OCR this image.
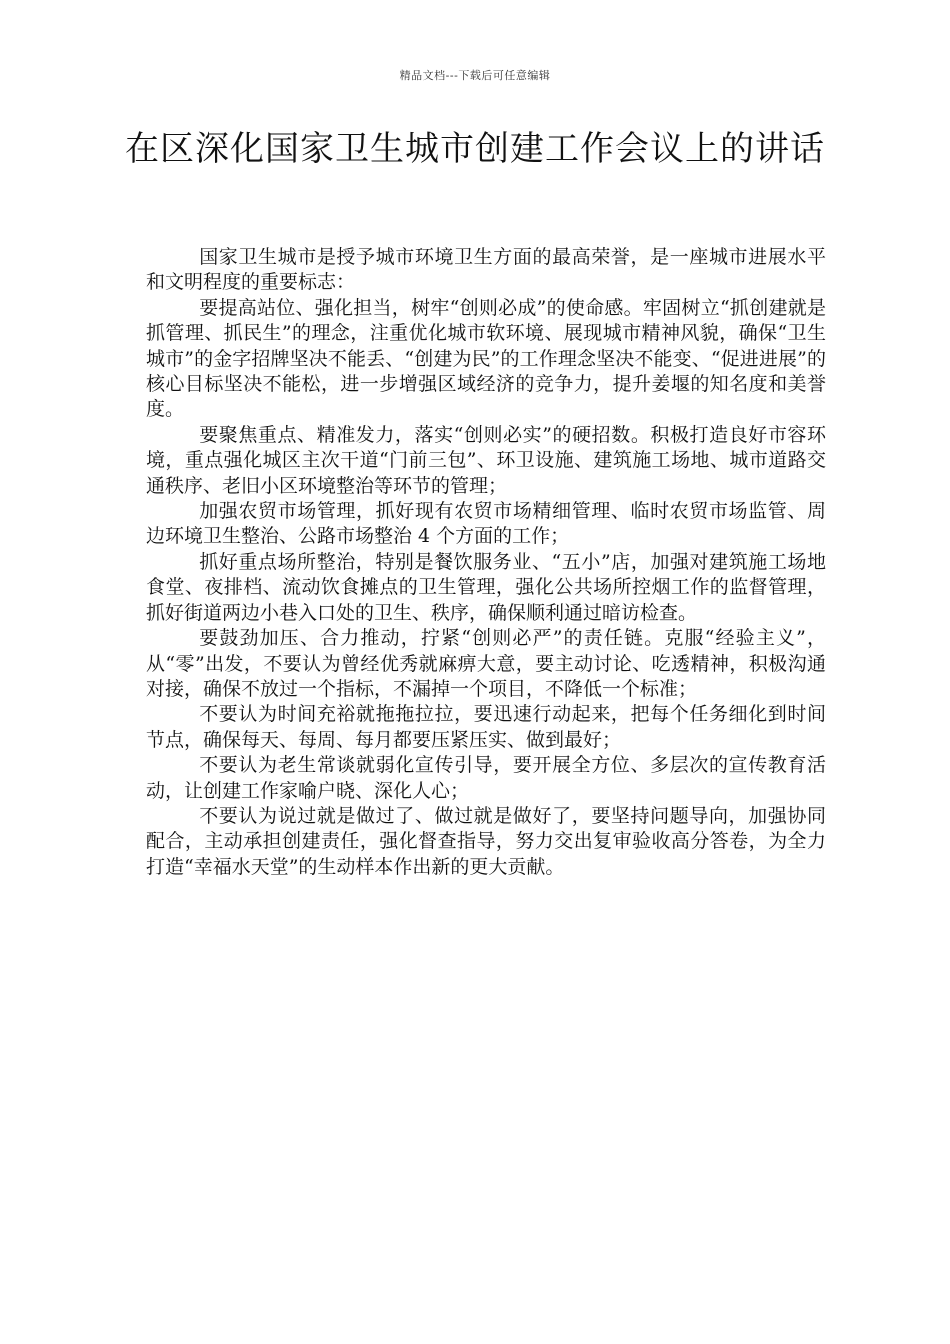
精品文档---下载后可任意编辑
在区深化国家卫生城市创建工作会议上的讲话

国家卫生城市是授予城市环境卫生方面的最高荣誉，是一座城市进展水平和文明程度的重要标志：

要提高站位、强化担当，树牢“创则必成”的使命感。牢固树立“抓创建就是抓管理、抓民生”的理念，注重优化城市软环境、展现城市精神风貌，确保“卫生城市”的金字招牌坚决不能丢、“创建为民”的工作理念坚决不能变、“促进进展”的核心目标坚决不能松，进一步增强区域经济的竞争力，提升姜堰的知名度和美誉度。

要聚焦重点、精准发力，落实“创则必实”的硬招数。积极打造良好市容环境，重点强化城区主次干道“门前三包”、环卫设施、建筑施工场地、城市道路交通秩序、老旧小区环境整治等环节的管理；

加强农贸市场管理，抓好现有农贸市场精细管理、临时农贸市场监管、周边环境卫生整治、公路市场整治 4 个方面的工作；

抓好重点场所整治，特别是餐饮服务业、“五小”店，加强对建筑施工场地食堂、夜排档、流动饮食摊点的卫生管理，强化公共场所控烟工作的监督管理，抓好街道两边小巷入口处的卫生、秩序，确保顺利通过暗访检查。

要鼓劲加压、合力推动，拧紧“创则必严”的责任链。克服“经验主义”，从“零”出发，不要认为曾经优秀就麻痹大意，要主动讨论、吃透精神，积极沟通对接，确保不放过一个指标，不漏掉一个项目，不降低一个标准；

不要认为时间充裕就拖拖拉拉，要迅速行动起来，把每个任务细化到时间节点，确保每天、每周、每月都要压紧压实、做到最好；

不要认为老生常谈就弱化宣传引导，要开展全方位、多层次的宣传教育活动，让创建工作家喻户晓、深化人心；

不要认为说过就是做过了、做过就是做好了，要坚持问题导向，加强协同配合，主动承担创建责任，强化督查指导，努力交出复审验收高分答卷，为全力打造“幸福水天堂”的生动样本作出新的更大贡献。
